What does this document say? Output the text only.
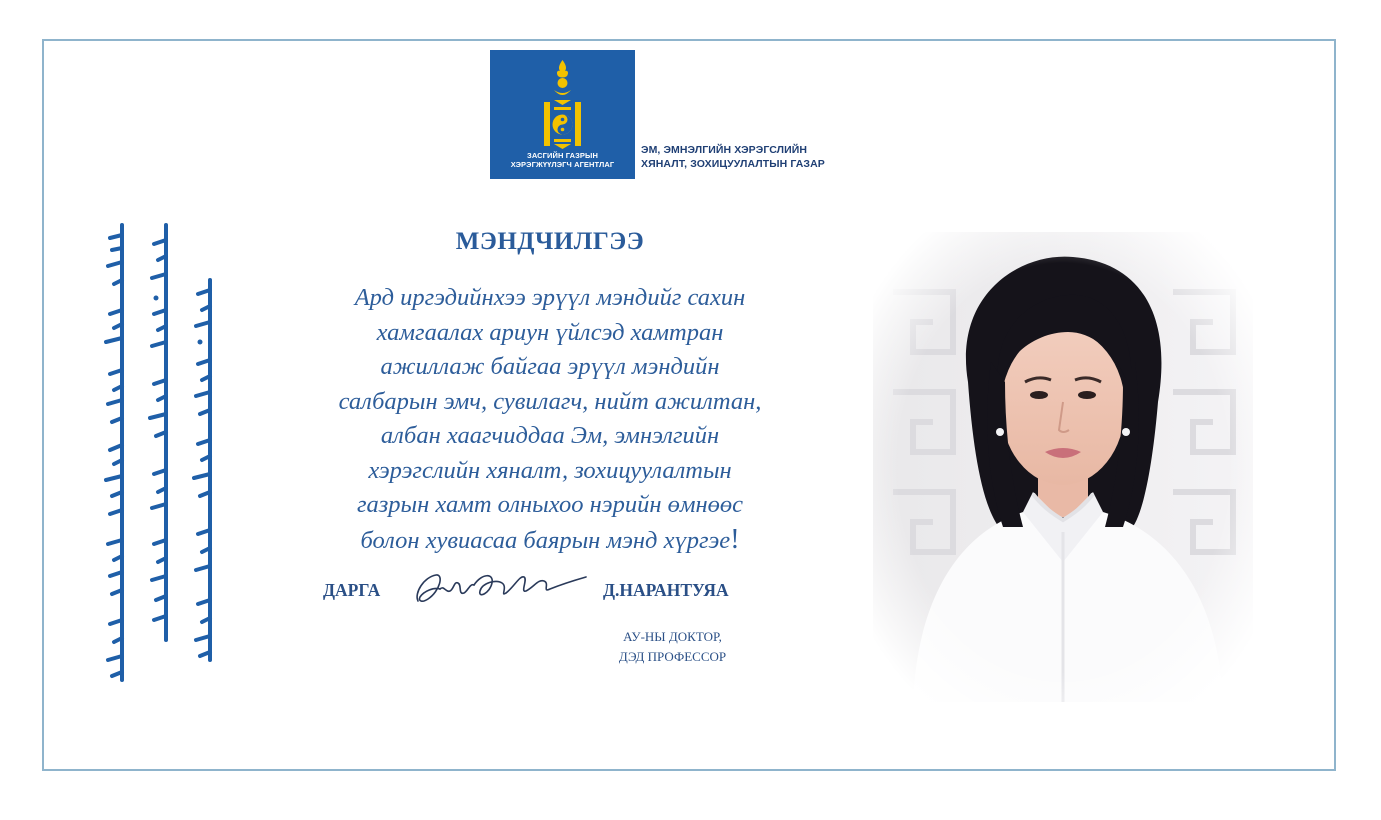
ЗАСГИЙН ГАЗРЫН
ХЭРЭГЖҮҮЛЭГЧ АГЕНТЛАГ
ЭМ, ЭМНЭЛГИЙН ХЭРЭГСЛИЙН
ХЯНАЛТ, ЗОХИЦУУЛАЛТЫН ГАЗАР
МЭНДЧИЛГЭЭ

Ард иргэдийнхээ эрүүл мэндийг сахин
хамгаалах ариун үйлсэд хамтран
ажиллаж байгаа эрүүл мэндийн
салбарын эмч, сувилагч, нийт ажилтан,
албан хаагчиддаа Эм, эмнэлгийн
хэрэгслийн хяналт, зохицуулалтын
газрын хамт олныхоо нэрийн өмнөөс
болон хувиасаа баярын мэнд хүргэе!

ДАРГА	Д.НАРАНТУЯА
АУ-НЫ ДОКТОР,
ДЭД ПРОФЕССОР
